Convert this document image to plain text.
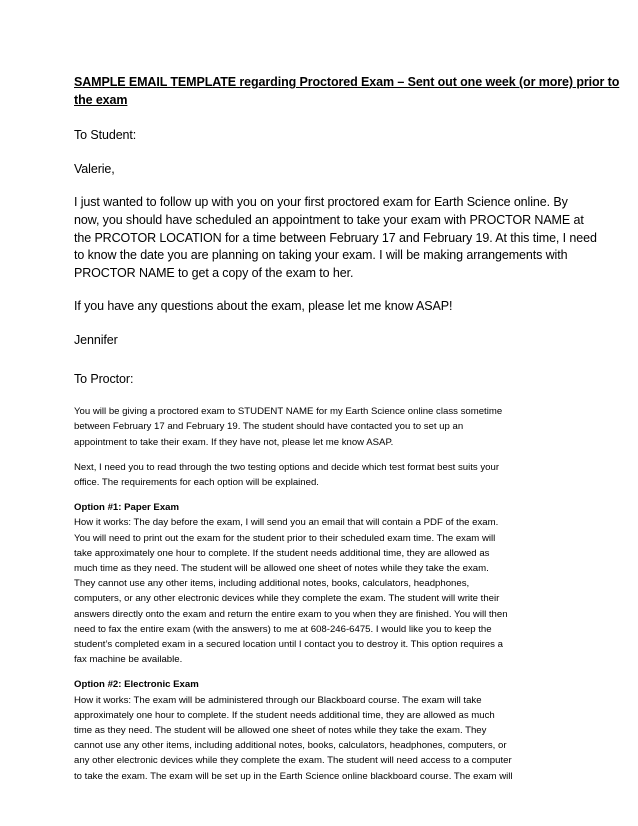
SAMPLE EMAIL TEMPLATE regarding Proctored Exam – Sent out one week (or more) prior to
the exam

To Student:

Valerie,

I just wanted to follow up with you on your first proctored exam for Earth Science online. By
now, you should have scheduled an appointment to take your exam with PROCTOR NAME at
the PRCOTOR LOCATION for a time between February 17 and February 19. At this time, I need
to know the date you are planning on taking your exam. I will be making arrangements with
PROCTOR NAME to get a copy of the exam to her.

If you have any questions about the exam, please let me know ASAP!

Jennifer

To Proctor:

You will be giving a proctored exam to STUDENT NAME for my Earth Science online class sometime
between February 17 and February 19. The student should have contacted you to set up an
appointment to take their exam. If they have not, please let me know ASAP.

Next, I need you to read through the two testing options and decide which test format best suits your
office. The requirements for each option will be explained.

Option #1: Paper Exam
How it works: The day before the exam, I will send you an email that will contain a PDF of the exam.
You will need to print out the exam for the student prior to their scheduled exam time. The exam will
take approximately one hour to complete. If the student needs additional time, they are allowed as
much time as they need. The student will be allowed one sheet of notes while they take the exam.
They cannot use any other items, including additional notes, books, calculators, headphones,
computers, or any other electronic devices while they complete the exam. The student will write their
answers directly onto the exam and return the entire exam to you when they are finished. You will then
need to fax the entire exam (with the answers) to me at 608-246-6475. I would like you to keep the
student’s completed exam in a secured location until I contact you to destroy it. This option requires a
fax machine be available.
Option #2: Electronic Exam
How it works: The exam will be administered through our Blackboard course. The exam will take
approximately one hour to complete. If the student needs additional time, they are allowed as much
time as they need. The student will be allowed one sheet of notes while they take the exam. They
cannot use any other items, including additional notes, books, calculators, headphones, computers, or
any other electronic devices while they complete the exam. The student will need access to a computer
to take the exam. The exam will be set up in the Earth Science online blackboard course. The exam will
